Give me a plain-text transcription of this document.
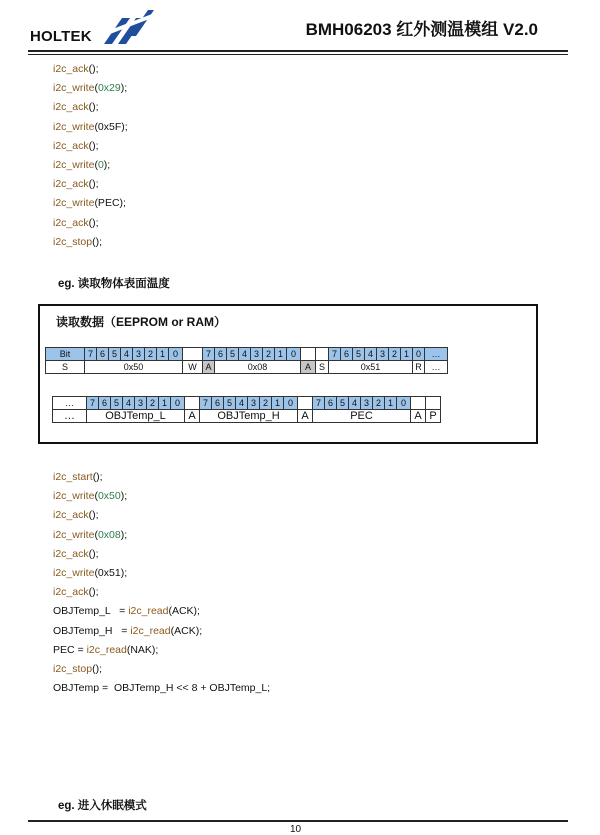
HOLTEK	BMH06203 红外测温模组 V2.0
i2c_ack();
i2c_write(0x29);
i2c_ack();
i2c_write(0x5F);
i2c_ack();
i2c_write(0);
i2c_ack();
i2c_write(PEC);
i2c_ack();
i2c_stop();
eg. 读取物体表面温度
读取数据（EEPROM or RAM）
Bit	7	6	5	4	3	2	1	0		7	6	5	4	3	2	1	0			7	6	5	4	3	2	1	0	…
S	0x50								W	A	0x08							A	S	0x51							R	…
…	7	6	5	4	3	2	1	0		7	6	5	4	3	2	1	0		7	6	5	4	3	2	1	0		
…	OBJTemp_L								A	OBJTemp_H								A	PEC								A	P
i2c_start();
i2c_write(0x50);
i2c_ack();
i2c_write(0x08);
i2c_ack();
i2c_write(0x51);
i2c_ack();
OBJTemp_L   = i2c_read(ACK);
OBJTemp_H   = i2c_read(ACK);
PEC = i2c_read(NAK);
i2c_stop();
OBJTemp =  OBJTemp_H << 8 + OBJTemp_L;
eg. 进入休眠模式
10
